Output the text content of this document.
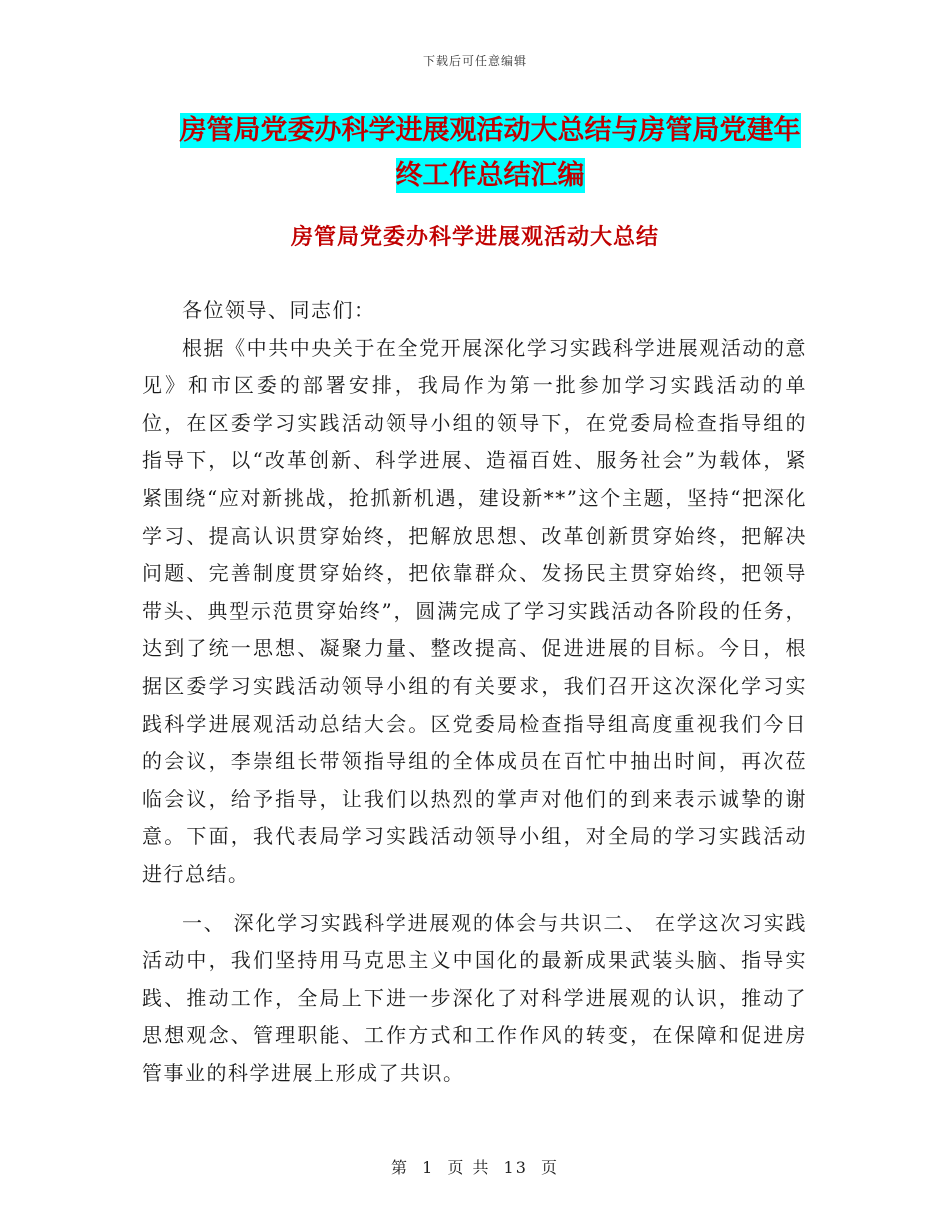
下载后可任意编辑
房管局党委办科学进展观活动大总结与房管局党建年
终工作总结汇编
房管局党委办科学进展观活动大总结

各位领导、同志们：

根据《中共中央关于在全党开展深化学习实践科学进展观活动的意见》和市区委的部署安排，我局作为第一批参加学习实践活动的单位，在区委学习实践活动领导小组的领导下，在党委局检查指导组的指导下，以“改革创新、科学进展、造福百姓、服务社会”为载体，紧紧围绕“应对新挑战，抢抓新机遇，建设新**”这个主题，坚持“把深化学习、提高认识贯穿始终，把解放思想、改革创新贯穿始终，把解决问题、完善制度贯穿始终，把依靠群众、发扬民主贯穿始终，把领导带头、典型示范贯穿始终”，圆满完成了学习实践活动各阶段的任务，达到了统一思想、凝聚力量、整改提高、促进进展的目标。今日，根据区委学习实践活动领导小组的有关要求，我们召开这次深化学习实践科学进展观活动总结大会。区党委局检查指导组高度重视我们今日的会议，李崇组长带领指导组的全体成员在百忙中抽出时间，再次莅临会议，给予指导，让我们以热烈的掌声对他们的到来表示诚挚的谢意。下面，我代表局学习实践活动领导小组，对全局的学习实践活动进行总结。

一、 深化学习实践科学进展观的体会与共识二、 在学这次习实践活动中，我们坚持用马克思主义中国化的最新成果武装头脑、指导实践、推动工作，全局上下进一步深化了对科学进展观的认识，推动了思想观念、管理职能、工作方式和工作作风的转变，在保障和促进房管事业的科学进展上形成了共识。

第 1 页 共 13 页
